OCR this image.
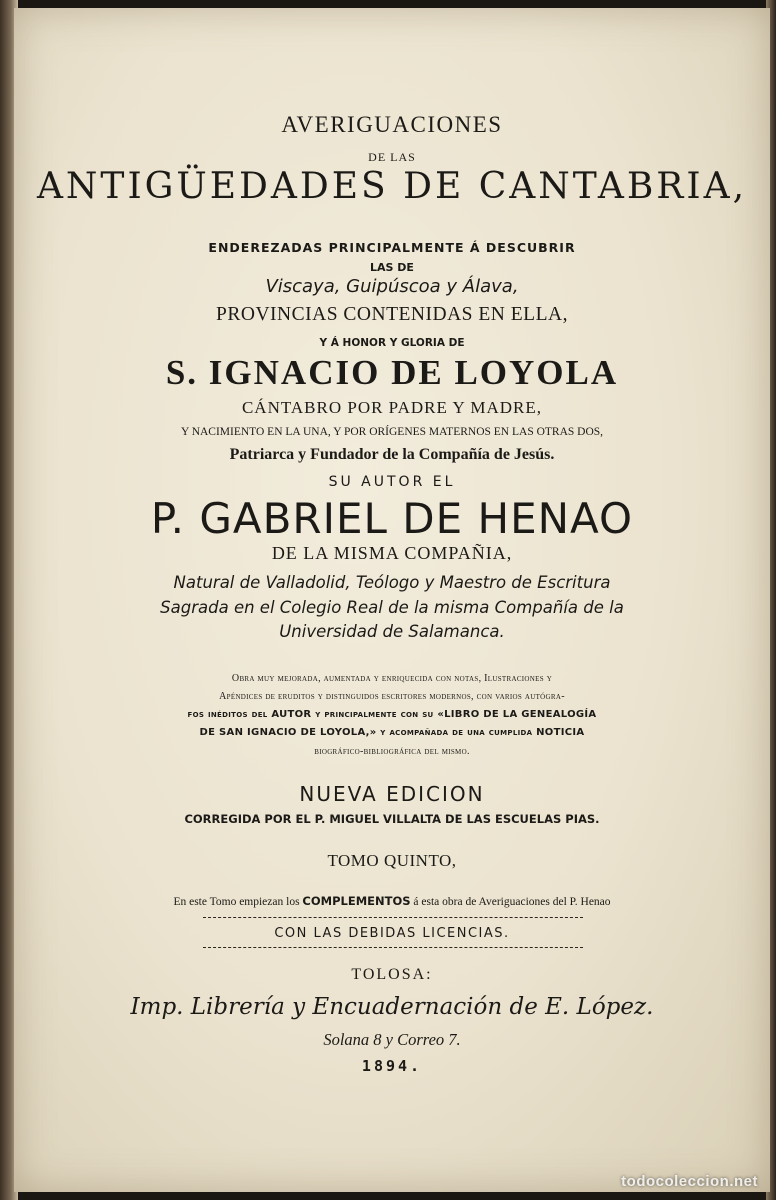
AVERIGUACIONES
DE LAS
ANTIGÜEDADES DE CANTABRIA,
ENDEREZADAS PRINCIPALMENTE Á DESCUBRIR
LAS DE
Viscaya, Guipúscoa y Álava,
PROVINCIAS CONTENIDAS EN ELLA,
Y Á HONOR Y GLORIA DE
S. IGNACIO DE LOYOLA
CÁNTABRO POR PADRE Y MADRE,
Y NACIMIENTO EN LA UNA, Y POR ORÍGENES MATERNOS EN LAS OTRAS DOS,
Patriarca y Fundador de la Compañía de Jesús.
SU AUTOR EL
P. GABRIEL DE HENAO
DE LA MISMA COMPAÑIA,
Natural de Valladolid, Teólogo y Maestro de Escritura
Sagrada en el Colegio Real de la misma Compañía de la
Universidad de Salamanca.
Obra muy mejorada, aumentada y enriquecida con notas, Ilustraciones y
Apéndices de eruditos y distinguidos escritores modernos, con varios autógra-
fos inéditos del AUTOR y principalmente con su «LIBRO DE LA GENEALOGÍA
DE SAN IGNACIO DE LOYOLA,» y acompañada de una cumplida NOTICIA
biográfico-bibliográfica del mismo.
NUEVA EDICION
CORREGIDA POR EL P. MIGUEL VILLALTA DE LAS ESCUELAS PIAS.
TOMO QUINTO,
En este Tomo empiezan los COMPLEMENTOS á esta obra de Averiguaciones del P. Henao
CON LAS DEBIDAS LICENCIAS.
TOLOSA:
Imp. Librería y Encuadernación de E. López.
Solana 8 y Correo 7.
1894.
todocoleccion.net
